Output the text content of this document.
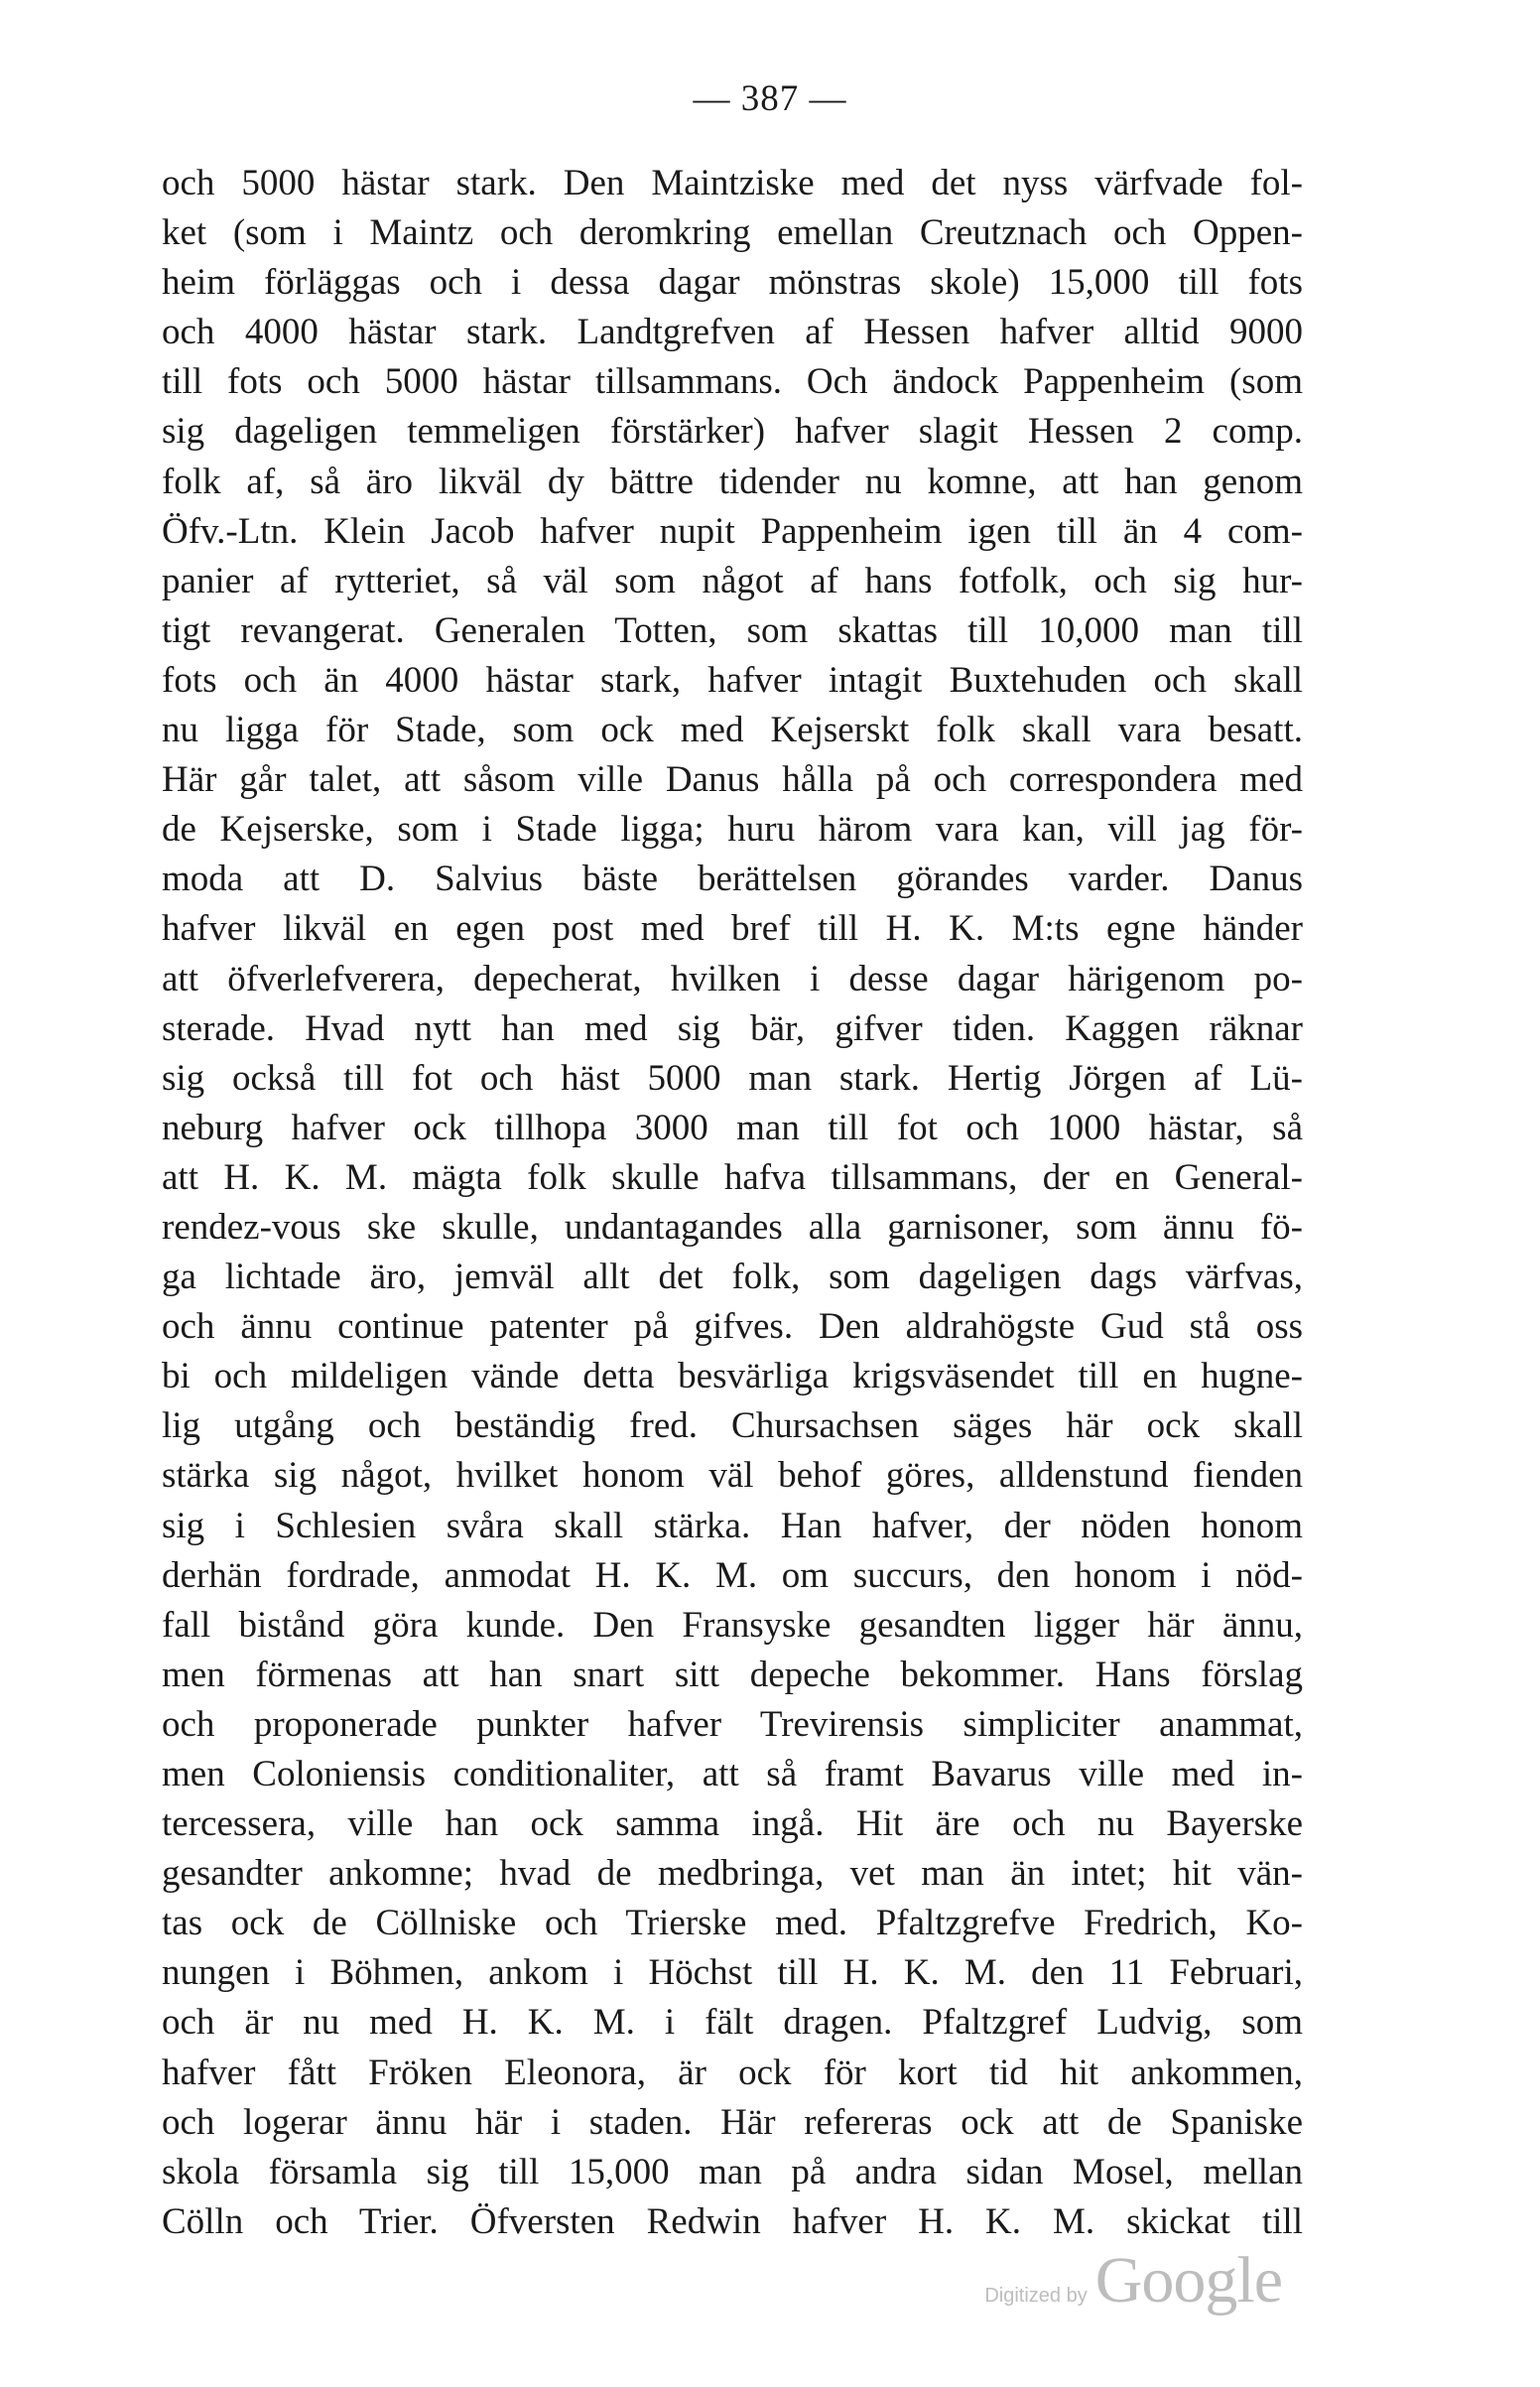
— 387 —
och 5000 hästar stark. Den Maintziske med det nyss värfvade fol-
ket (som i Maintz och deromkring emellan Creutznach och Oppen-
heim förläggas och i dessa dagar mönstras skole) 15,000 till fots
och 4000 hästar stark. Landtgrefven af Hessen hafver alltid 9000
till fots och 5000 hästar tillsammans. Och ändock Pappenheim (som
sig dageligen temmeligen förstärker) hafver slagit Hessen 2 comp.
folk af, så äro likväl dy bättre tidender nu komne, att han genom
Öfv.-Ltn. Klein Jacob hafver nupit Pappenheim igen till än 4 com-
panier af rytteriet, så väl som något af hans fotfolk, och sig hur-
tigt revangerat. Generalen Totten, som skattas till 10,000 man till
fots och än 4000 hästar stark, hafver intagit Buxtehuden och skall
nu ligga för Stade, som ock med Kejserskt folk skall vara besatt.
Här går talet, att såsom ville Danus hålla på och correspondera med
de Kejserske, som i Stade ligga; huru härom vara kan, vill jag för-
moda att D. Salvius bäste berättelsen görandes varder. Danus
hafver likväl en egen post med bref till H. K. M:ts egne händer
att öfverlefverera, depecherat, hvilken i desse dagar härigenom po-
sterade. Hvad nytt han med sig bär, gifver tiden. Kaggen räknar
sig också till fot och häst 5000 man stark. Hertig Jörgen af Lü-
neburg hafver ock tillhopa 3000 man till fot och 1000 hästar, så
att H. K. M. mägta folk skulle hafva tillsammans, der en General-
rendez-vous ske skulle, undantagandes alla garnisoner, som ännu fö-
ga lichtade äro, jemväl allt det folk, som dageligen dags värfvas,
och ännu continue patenter på gifves. Den aldrahögste Gud stå oss
bi och mildeligen vände detta besvärliga krigsväsendet till en hugne-
lig utgång och beständig fred. Chursachsen säges här ock skall
stärka sig något, hvilket honom väl behof göres, alldenstund fienden
sig i Schlesien svåra skall stärka. Han hafver, der nöden honom
derhän fordrade, anmodat H. K. M. om succurs, den honom i nöd-
fall bistånd göra kunde. Den Fransyske gesandten ligger här ännu,
men förmenas att han snart sitt depeche bekommer. Hans förslag
och proponerade punkter hafver Trevirensis simpliciter anammat,
men Coloniensis conditionaliter, att så framt Bavarus ville med in-
tercessera, ville han ock samma ingå. Hit äre och nu Bayerske
gesandter ankomne; hvad de medbringa, vet man än intet; hit vän-
tas ock de Cöllniske och Trierske med. Pfaltzgrefve Fredrich, Ko-
nungen i Böhmen, ankom i Höchst till H. K. M. den 11 Februari,
och är nu med H. K. M. i fält dragen. Pfaltzgref Ludvig, som
hafver fått Fröken Eleonora, är ock för kort tid hit ankommen,
och logerar ännu här i staden. Här refereras ock att de Spaniske
skola församla sig till 15,000 man på andra sidan Mosel, mellan
Cölln och Trier. Öfversten Redwin hafver H. K. M. skickat till
Digitized by Google
